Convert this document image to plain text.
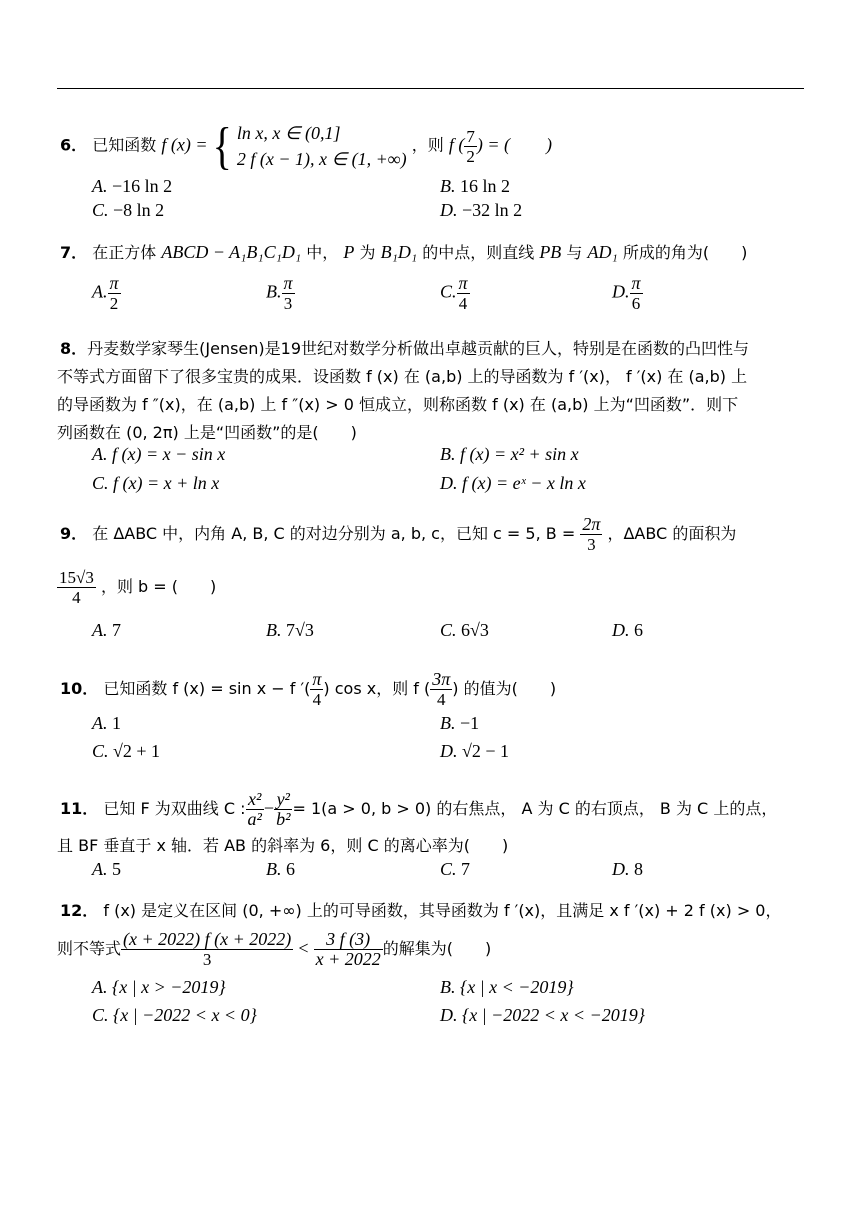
6． 已知函数 f (x) = { ln x, x ∈ (0,1]
2 f (x − 1), x ∈ (1, +∞)
，则 f ( $\frac{7}{2}$ ) = (　　)
A. −16 ln 2	B. 16 ln 2
C. −8 ln 2	D. −32 ln 2
7． 在正方体 ABCD − A₁B₁C₁D₁ 中， P 为 B₁D₁ 的中点，则直线 PB 与 AD₁ 所成的角为(　　)
A. $\frac{\pi}{2}$	B. $\frac{\pi}{3}$	C. $\frac{\pi}{4}$	D. $\frac{\pi}{6}$
8．丹麦数学家琴生(Jensen)是19世纪对数学分析做出卓越贡献的巨人，特别是在函数的凸凹性与
不等式方面留下了很多宝贵的成果．设函数 f (x) 在 (a,b) 上的导函数为 f ′(x)， f ′(x) 在 (a,b) 上
的导函数为 f ″(x)，在 (a,b) 上 f ″(x) > 0 恒成立，则称函数 f (x) 在 (a,b) 上为“凹函数”．则下
列函数在 (0, 2π) 上是“凹函数”的是(　　)
A. f (x) = x − sin x	B. f (x) = x² + sin x
C. f (x) = x + ln x	D. f (x) = eˣ − x ln x
9． 在 ΔABC 中，内角 A, B, C 的对边分别为 a, b, c，已知 c = 5, $B = \frac{2\pi}{3}$ ，ΔABC 的面积为
$\frac{15√3}{4}$ ，则 b = (　　)
A. 7	B. 7√3	C. 6√3	D. 6
10． 已知函数 f (x) = sin x − f ′( $\frac{\pi}{4}$ ) cos x，则 f ( $\frac{3\pi}{4}$ ) 的值为(　　)
A. 1	B. −1
C. √2 + 1	D. √2 − 1
11． 已知 F 为双曲线 C : $\frac{\text{x²}}{\text{a²}} - \frac{\text{y²}}{\text{b²}} = 1(a > 0$, b > 0) 的右焦点， A 为 C 的右顶点， B 为 C 上的点，
且 BF 垂直于 x 轴．若 AB 的斜率为 6，则 C 的离心率为(　　)
A. 5	B. 6	C. 7	D. 8
12． f (x) 是定义在区间 (0, +∞) 上的可导函数，其导函数为 f ′(x)，且满足 x f ′(x) + 2 f (x) > 0，
则不等式 $\frac{(x + 2022) f (x + 2022)}{3} < \frac{3 f (3)}{x + 2022}$ 的解集为(　　)
A. {x | x > −2019}	B. {x | x < −2019}
C. {x | −2022 < x < 0}	D. {x | −2022 < x < −2019}
